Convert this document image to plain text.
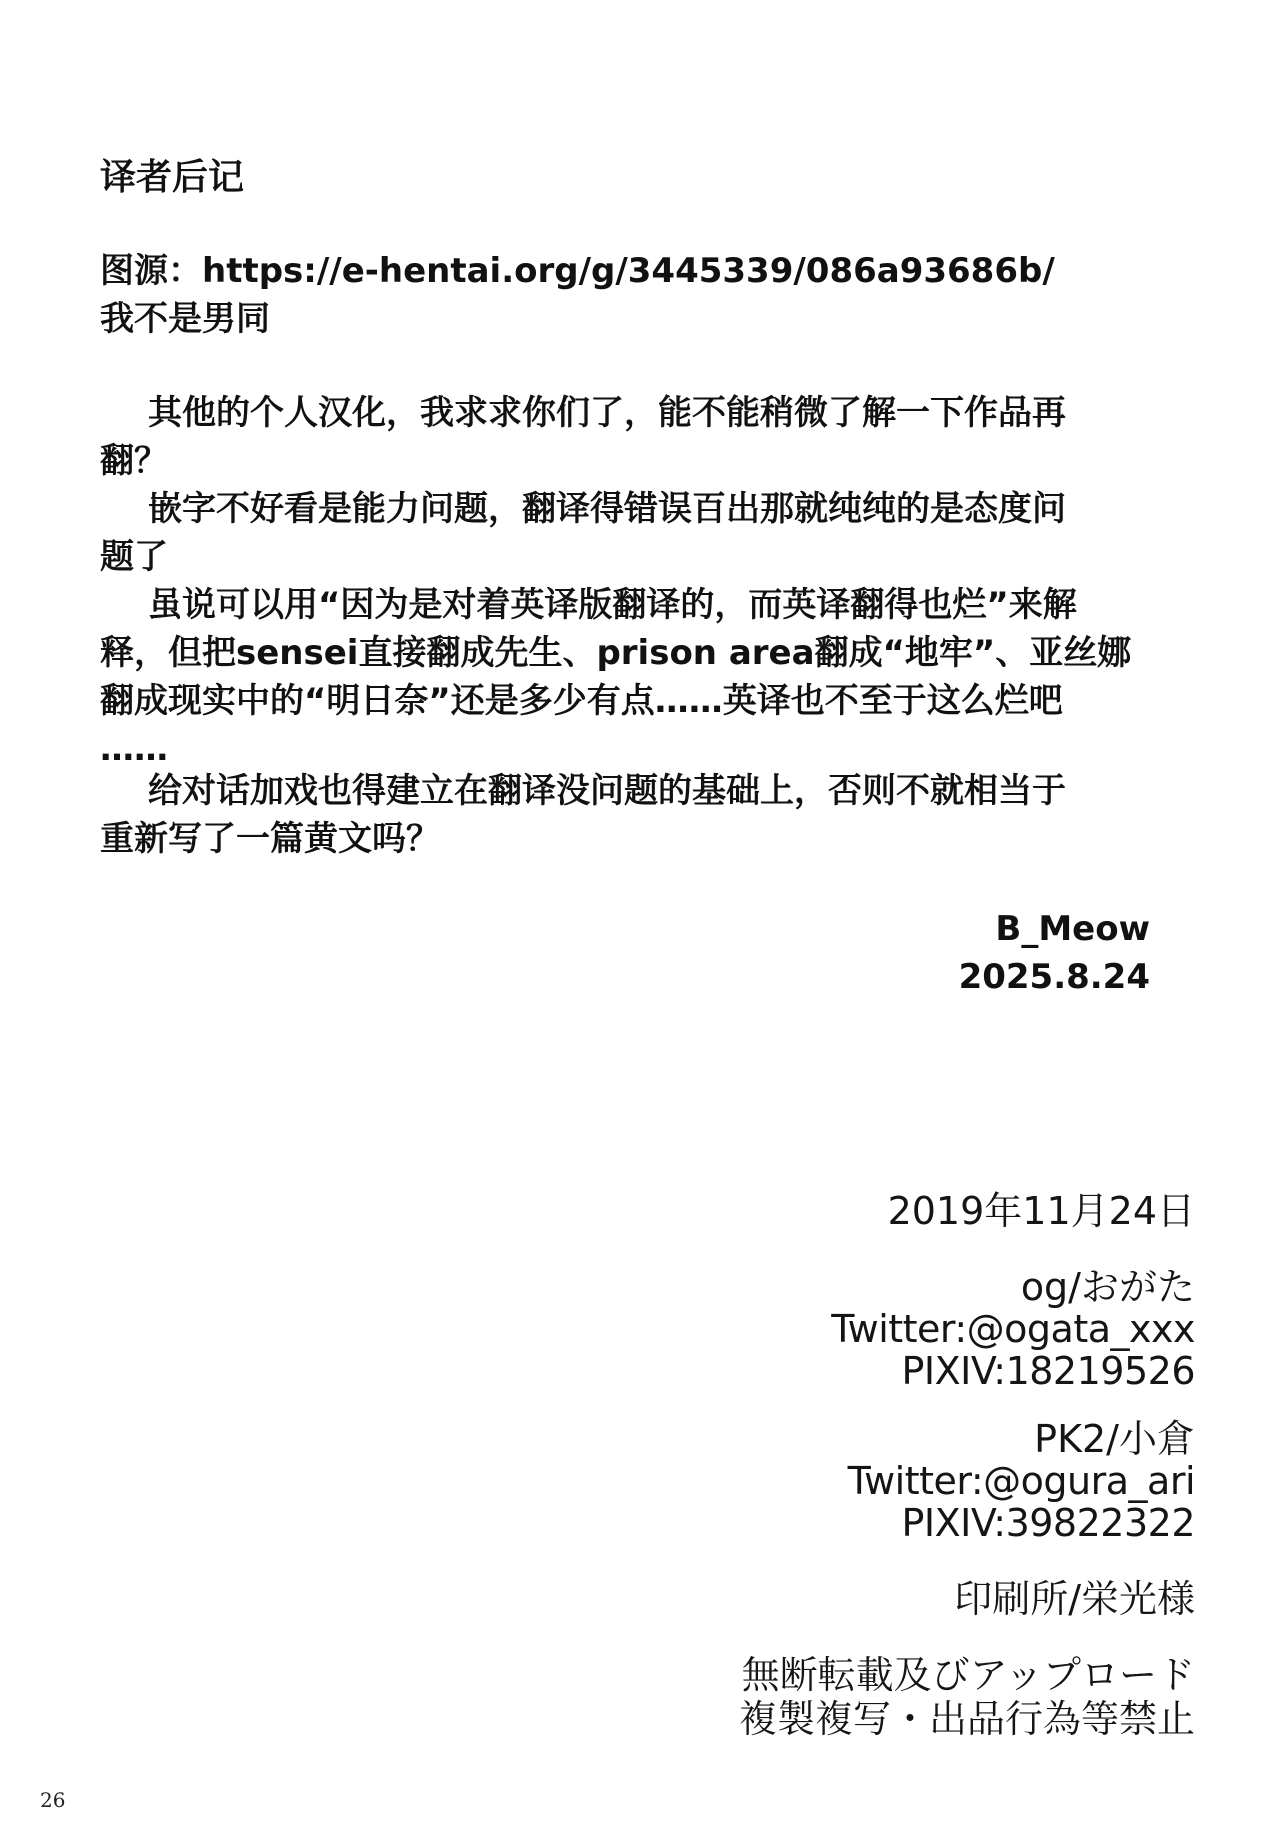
译者后记
图源：https://e-hentai.org/g/3445339/086a93686b/
我不是男同
其他的个人汉化，我求求你们了，能不能稍微了解一下作品再
翻？
嵌字不好看是能力问题，翻译得错误百出那就纯纯的是态度问
题了
虽说可以用“因为是对着英译版翻译的，而英译翻得也烂”来解
释，但把sensei直接翻成先生、prison area翻成“地牢”、亚丝娜
翻成现实中的“明日奈”还是多少有点……英译也不至于这么烂吧
……
给对话加戏也得建立在翻译没问题的基础上，否则不就相当于
重新写了一篇黄文吗？
B_Meow
2025.8.24
2019年11月24日
og/おがた
Twitter:@ogata_xxx
PIXIV:18219526
PK2/小倉
Twitter:@ogura_ari
PIXIV:39822322
印刷所/栄光様
無断転載及びアップロード
複製複写・出品行為等禁止
26
